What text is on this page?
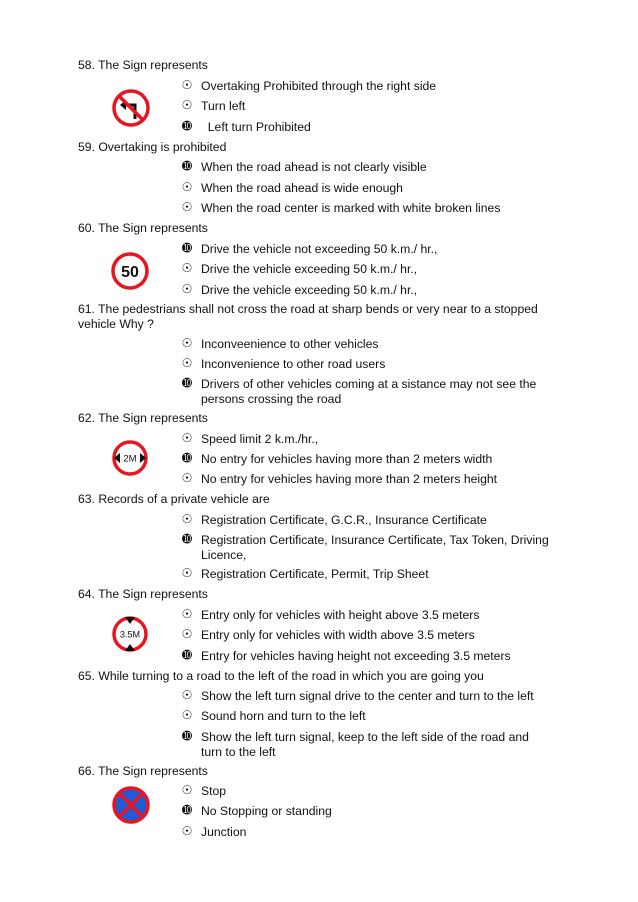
58. The Sign represents
☉ Overtaking Prohibited through the right side
☉ Turn left
➓ Left turn Prohibited
59. Overtaking is prohibited
➓ When the road ahead is not clearly visible
☉ When the road ahead is wide enough
☉ When the road center is marked with white broken lines
60. The Sign represents
50
➓ Drive the vehicle not exceeding 50 k.m./ hr.,
☉ Drive the vehicle exceeding 50 k.m./ hr.,
☉ Drive the vehicle exceeding 50 k.m./ hr.,
61. The pedestrians shall not cross the road at sharp bends or very near to a stopped vehicle Why ?
☉ Inconveenience to other vehicles
☉ Inconvenience to other road users
➓ Drivers of other vehicles coming at a sistance may not see the persons crossing the road
62. The Sign represents
2M
☉ Speed limit 2 k.m./hr.,
➓ No entry for vehicles having more than 2 meters width
☉ No entry for vehicles having more than 2 meters height
63. Records of a private vehicle are
☉ Registration Certificate, G.C.R., Insurance Certificate
➓ Registration Certificate, Insurance Certificate, Tax Token, Driving Licence,
☉ Registration Certificate, Permit, Trip Sheet
64. The Sign represents
3.5M
☉ Entry only for vehicles with height above 3.5 meters
☉ Entry only for vehicles with width above 3.5 meters
➓ Entry for vehicles having height not exceeding 3.5 meters
65. While turning to a road to the left of the road in which you are going you
☉ Show the left turn signal drive to the center and turn to the left
☉ Sound horn and turn to the left
➓ Show the left turn signal, keep to the left side of the road and turn to the left
66. The Sign represents
☉ Stop
➓ No Stopping or standing
☉ Junction
